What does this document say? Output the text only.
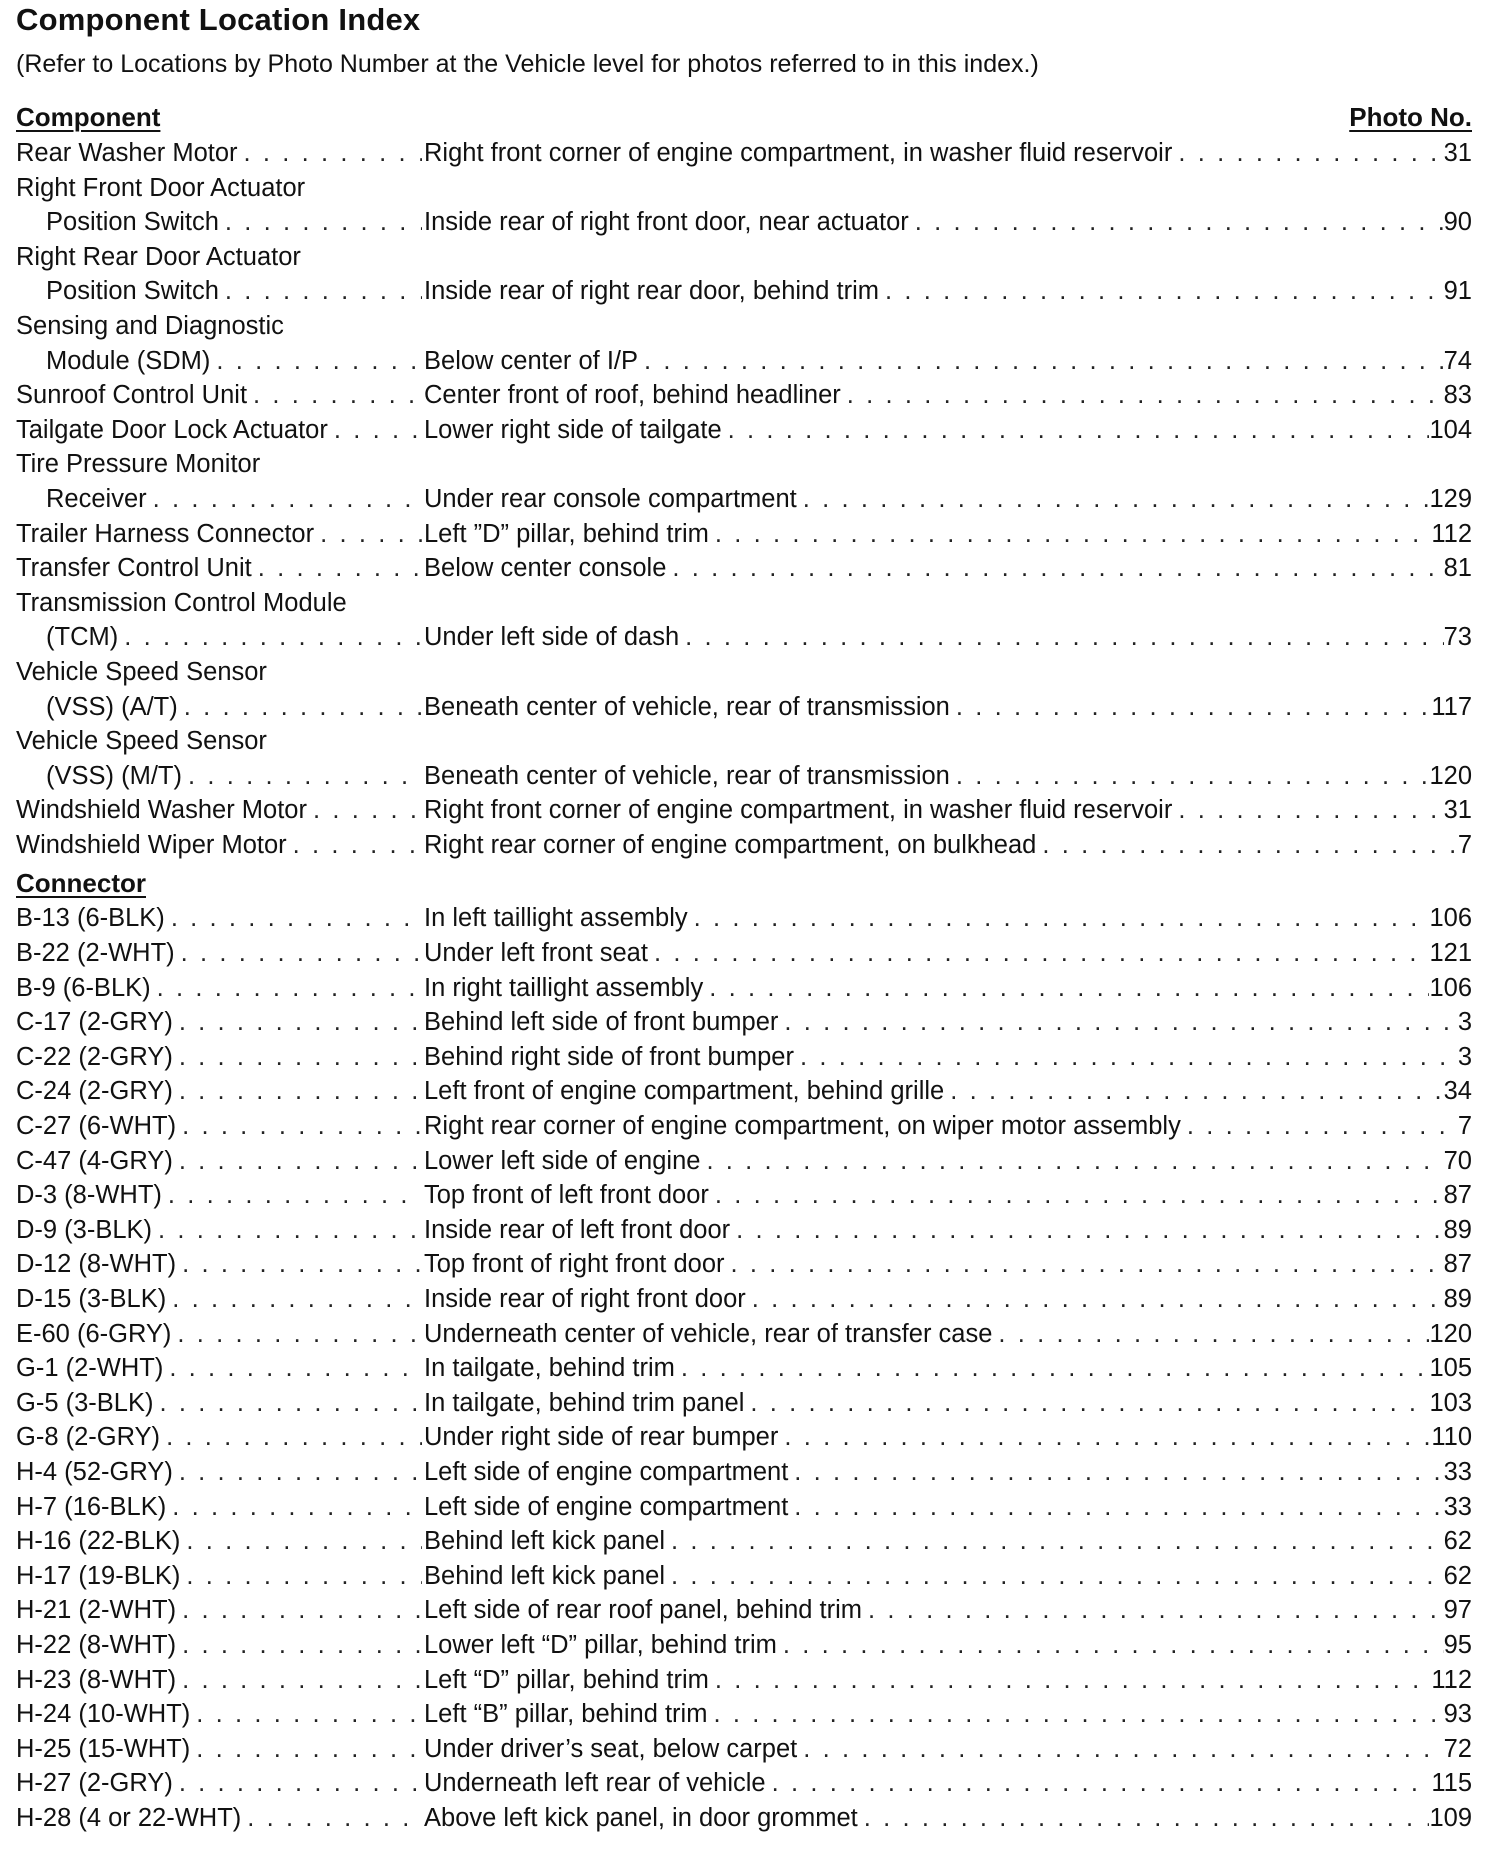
Component Location Index
(Refer to Locations by Photo Number at the Vehicle level for photos referred to in this index.)
Component	Photo No.
Rear Washer Motor . . .	Right front corner of engine compartment, in washer fluid reservoir . . .	31
Right Front Door Actuator
Position Switch . . .	Inside rear of right front door, near actuator . . .	90
Right Rear Door Actuator
Position Switch . . .	Inside rear of right rear door, behind trim . . .	91
Sensing and Diagnostic
Module (SDM) . . .	Below center of I/P . . .	74
Sunroof Control Unit . . .	Center front of roof, behind headliner . . .	83
Tailgate Door Lock Actuator . . .	Lower right side of tailgate . . .	104
Tire Pressure Monitor
Receiver . . .	Under rear console compartment . . .	129
Trailer Harness Connector . . .	Left ”D” pillar, behind trim . . .	112
Transfer Control Unit . . .	Below center console . . .	81
Transmission Control Module
(TCM) . . .	Under left side of dash . . .	73
Vehicle Speed Sensor
(VSS) (A/T) . . .	Beneath center of vehicle, rear of transmission . . .	117
Vehicle Speed Sensor
(VSS) (M/T) . . .	Beneath center of vehicle, rear of transmission . . .	120
Windshield Washer Motor . . .	Right front corner of engine compartment, in washer fluid reservoir . . .	31
Windshield Wiper Motor . . .	Right rear corner of engine compartment, on bulkhead . . .	7
Connector
B-13 (6-BLK) . . .	In left taillight assembly . . .	106
B-22 (2-WHT) . . .	Under left front seat . . .	121
B-9 (6-BLK) . . .	In right taillight assembly . . .	106
C-17 (2-GRY) . . .	Behind left side of front bumper . . .	3
C-22 (2-GRY) . . .	Behind right side of front bumper . . .	3
C-24 (2-GRY) . . .	Left front of engine compartment, behind grille . . .	34
C-27 (6-WHT) . . .	Right rear corner of engine compartment, on wiper motor assembly . . .	7
C-47 (4-GRY) . . .	Lower left side of engine . . .	70
D-3 (8-WHT) . . .	Top front of left front door . . .	87
D-9 (3-BLK) . . .	Inside rear of left front door . . .	89
D-12 (8-WHT) . . .	Top front of right front door . . .	87
D-15 (3-BLK) . . .	Inside rear of right front door . . .	89
E-60 (6-GRY) . . .	Underneath center of vehicle, rear of transfer case . . .	120
G-1 (2-WHT) . . .	In tailgate, behind trim . . .	105
G-5 (3-BLK) . . .	In tailgate, behind trim panel . . .	103
G-8 (2-GRY) . . .	Under right side of rear bumper . . .	110
H-4 (52-GRY) . . .	Left side of engine compartment . . .	33
H-7 (16-BLK) . . .	Left side of engine compartment . . .	33
H-16 (22-BLK) . . .	Behind left kick panel . . .	62
H-17 (19-BLK) . . .	Behind left kick panel . . .	62
H-21 (2-WHT) . . .	Left side of rear roof panel, behind trim . . .	97
H-22 (8-WHT) . . .	Lower left “D” pillar, behind trim . . .	95
H-23 (8-WHT) . . .	Left “D” pillar, behind trim . . .	112
H-24 (10-WHT) . . .	Left “B” pillar, behind trim . . .	93
H-25 (15-WHT) . . .	Under driver’s seat, below carpet . . .	72
H-27 (2-GRY) . . .	Underneath left rear of vehicle . . .	115
H-28 (4 or 22-WHT) . . .	Above left kick panel, in door grommet . . .	109
